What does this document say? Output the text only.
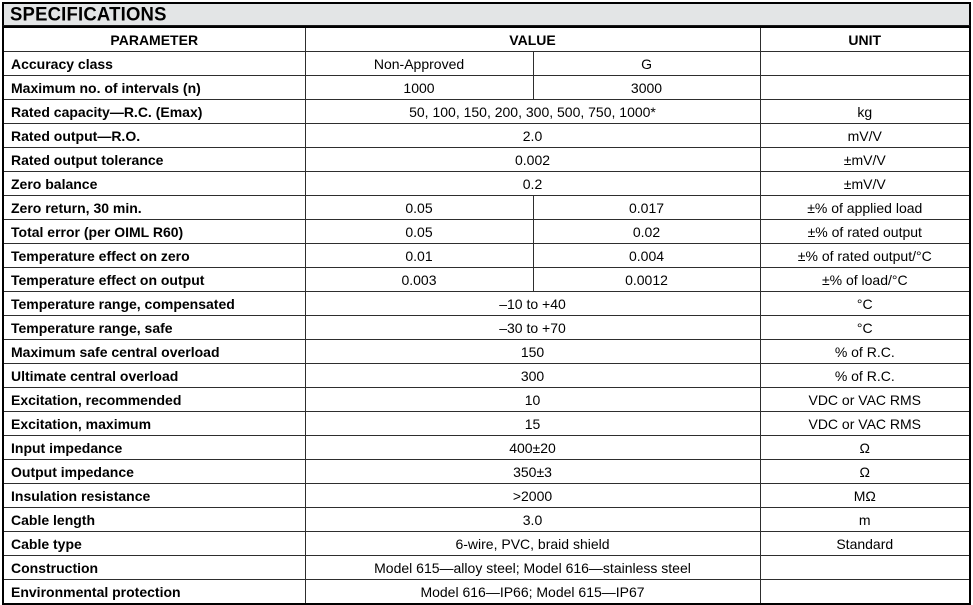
SPECIFICATIONS
PARAMETER	VALUE		UNIT
Accuracy class	Non-Approved	G	
Maximum no. of intervals (n)	1000	3000	
Rated capacity—R.C. (Emax)	50, 100, 150, 200, 300, 500, 750, 1000*		kg
Rated output—R.O.	2.0		mV/V
Rated output tolerance	0.002		±mV/V
Zero balance	0.2		±mV/V
Zero return, 30 min.	0.05	0.017	±% of applied load
Total error (per OIML R60)	0.05	0.02	±% of rated output
Temperature effect on zero	0.01	0.004	±% of rated output/°C
Temperature effect on output	0.003	0.0012	±% of load/°C
Temperature range, compensated	–10 to +40		°C
Temperature range, safe	–30 to +70		°C
Maximum safe central overload	150		% of R.C.
Ultimate central overload	300		% of R.C.
Excitation, recommended	10		VDC or VAC RMS
Excitation, maximum	15		VDC or VAC RMS
Input impedance	400±20		Ω
Output impedance	350±3		Ω
Insulation resistance	>2000		MΩ
Cable length	3.0		m
Cable type	6-wire, PVC, braid shield		Standard
Construction	Model 615—alloy steel; Model 616—stainless steel		
Environmental protection	Model 616—IP66; Model 615—IP67		
